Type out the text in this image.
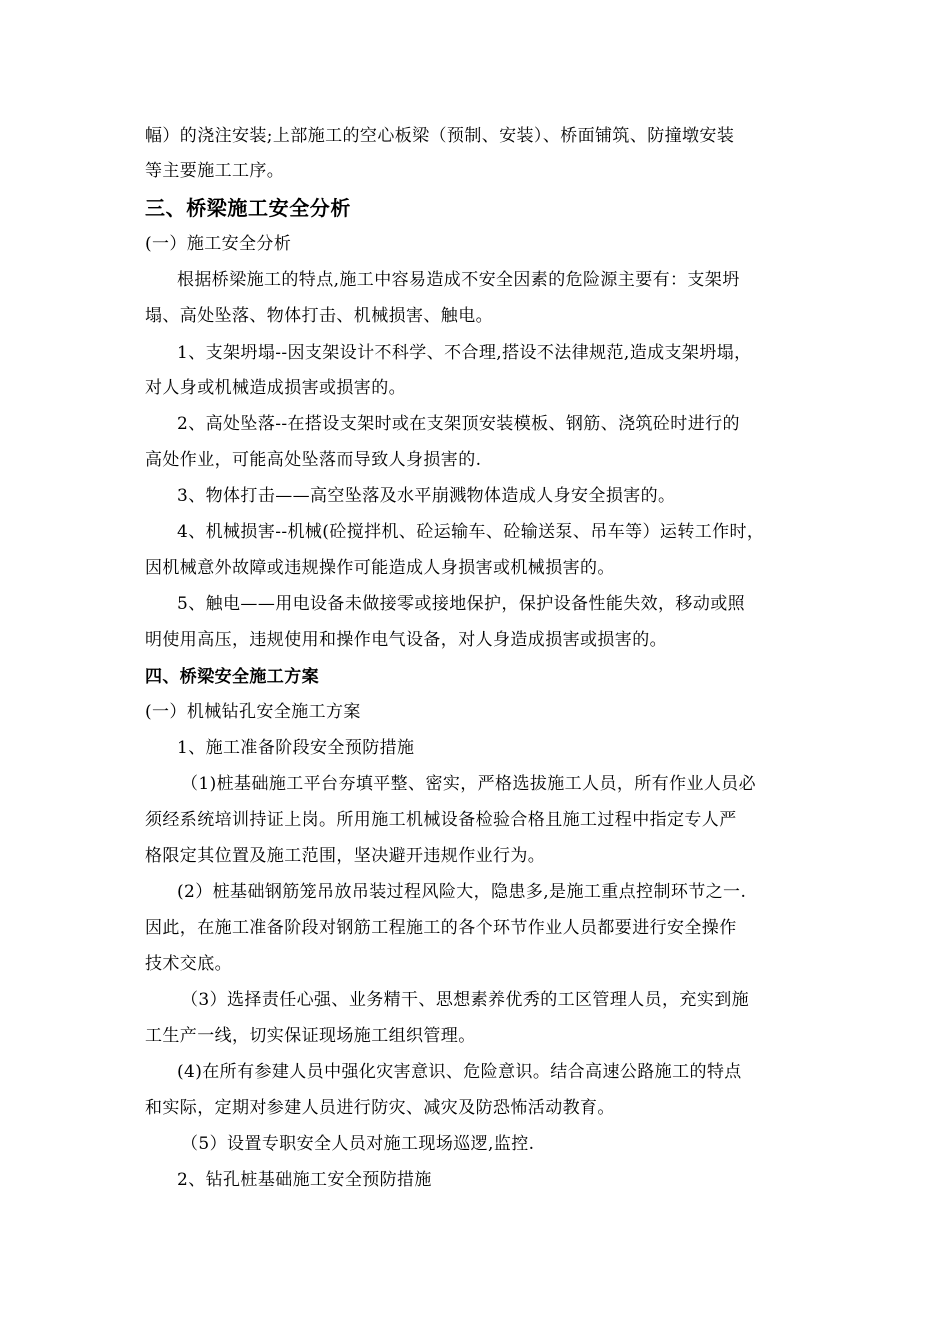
幅）的浇注安装;上部施工的空心板梁（预制、安装）、桥面铺筑、防撞墩安装
等主要施工工序。
三、桥梁施工安全分析
(一）施工安全分析
根据桥梁施工的特点,施工中容易造成不安全因素的危险源主要有：支架坍
塌、高处坠落、物体打击、机械损害、触电。
1、支架坍塌--因支架设计不科学、不合理,搭设不法律规范,造成支架坍塌，
对人身或机械造成损害或损害的。
2、高处坠落--在搭设支架时或在支架顶安装模板、钢筋、浇筑砼时进行的
高处作业，可能高处坠落而导致人身损害的.
3、物体打击——高空坠落及水平崩溅物体造成人身安全损害的。
4、机械损害--机械(砼搅拌机、砼运输车、砼输送泵、吊车等）运转工作时，
因机械意外故障或违规操作可能造成人身损害或机械损害的。
5、触电——用电设备未做接零或接地保护，保护设备性能失效，移动或照
明使用高压，违规使用和操作电气设备，对人身造成损害或损害的。
四、桥梁安全施工方案
(一）机械钻孔安全施工方案
1、施工准备阶段安全预防措施
（1)桩基础施工平台夯填平整、密实，严格选拔施工人员，所有作业人员必
须经系统培训持证上岗。所用施工机械设备检验合格且施工过程中指定专人严
格限定其位置及施工范围，坚决避开违规作业行为。
(2）桩基础钢筋笼吊放吊装过程风险大，隐患多,是施工重点控制环节之一.
因此，在施工准备阶段对钢筋工程施工的各个环节作业人员都要进行安全操作
技术交底。
（3）选择责任心强、业务精干、思想素养优秀的工区管理人员，充实到施
工生产一线，切实保证现场施工组织管理。
(4)在所有参建人员中强化灾害意识、危险意识。结合高速公路施工的特点
和实际，定期对参建人员进行防灾、减灾及防恐怖活动教育。
（5）设置专职安全人员对施工现场巡逻,监控.
2、钻孔桩基础施工安全预防措施
